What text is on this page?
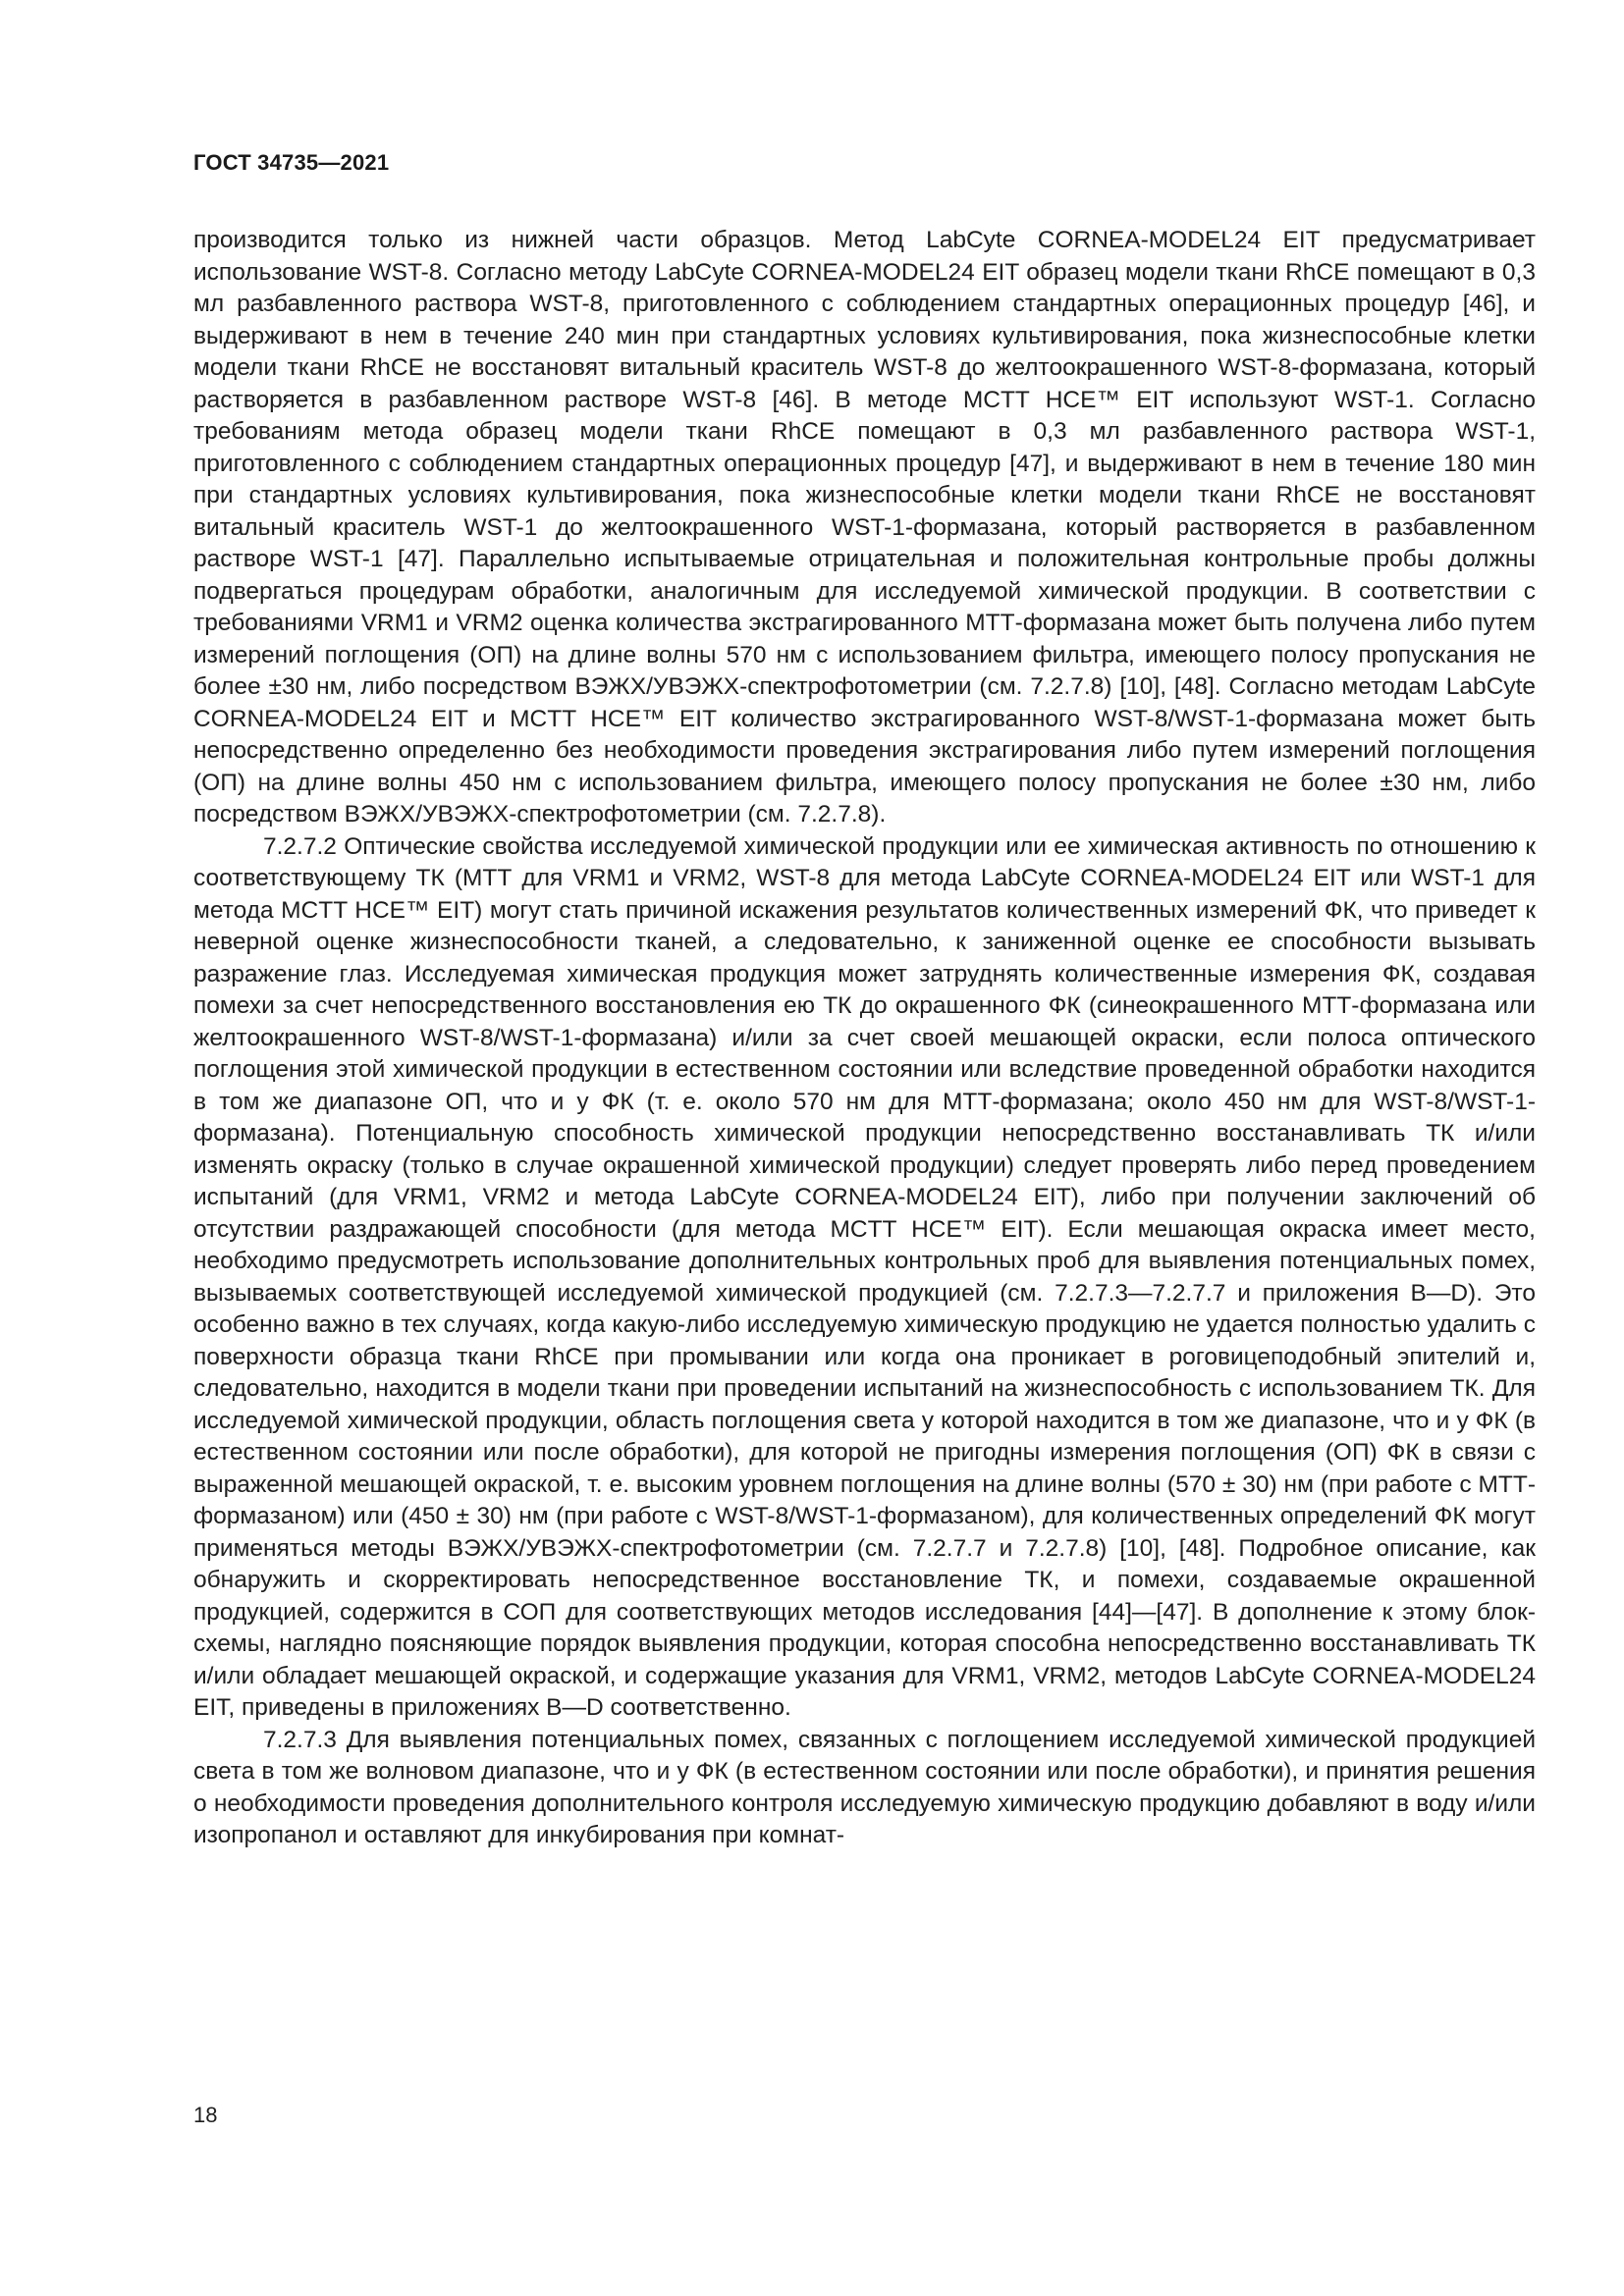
ГОСТ 34735—2021

производится только из нижней части образцов. Метод LabCyte CORNEA-MODEL24 EIT предусматривает использование WST-8. Согласно методу LabCyte CORNEA-MODEL24 EIT образец модели ткани RhCE помещают в 0,3 мл разбавленного раствора WST-8, приготовленного с соблюдением стандартных операционных процедур [46], и выдерживают в нем в течение 240 мин при стандартных условиях культивирования, пока жизнеспособные клетки модели ткани RhCE не восстановят витальный краситель WST-8 до желтоокрашенного WST-8-формазана, который растворяется в разбавленном растворе WST-8 [46]. В методе MCTT HCE™ EIT используют WST-1. Согласно требованиям метода образец модели ткани RhCE помещают в 0,3 мл разбавленного раствора WST-1, приготовленного с соблюдением стандартных операционных процедур [47], и выдерживают в нем в течение 180 мин при стандартных условиях культивирования, пока жизнеспособные клетки модели ткани RhCE не восстановят витальный краситель WST-1 до желтоокрашенного WST-1-формазана, который растворяется в разбавленном растворе WST-1 [47]. Параллельно испытываемые отрицательная и положительная контрольные пробы должны подвергаться процедурам обработки, аналогичным для исследуемой химической продукции. В соответствии с требованиями VRM1 и VRM2 оценка количества экстрагированного МТТ-формазана может быть получена либо путем измерений поглощения (ОП) на длине волны 570 нм с использованием фильтра, имеющего полосу пропускания не более ±30 нм, либо посредством ВЭЖХ/УВЭЖХ-спектрофотометрии (см. 7.2.7.8) [10], [48]. Согласно методам LabCyte CORNEA-MODEL24 EIT и MCTT HCE™ EIT количество экстрагированного WST-8/WST-1-формазана может быть непосредственно определенно без необходимости проведения экстрагирования либо путем измерений поглощения (ОП) на длине волны 450 нм с использованием фильтра, имеющего полосу пропускания не более ±30 нм, либо посредством ВЭЖХ/УВЭЖХ-спектрофотометрии (см. 7.2.7.8).

7.2.7.2 Оптические свойства исследуемой химической продукции или ее химическая активность по отношению к соответствующему ТК (МТТ для VRM1 и VRM2, WST-8 для метода LabCyte CORNEA-MODEL24 EIT или WST-1 для метода MCTT HCE™ EIT) могут стать причиной искажения результатов количественных измерений ФК, что приведет к неверной оценке жизнеспособности тканей, а следовательно, к заниженной оценке ее способности вызывать разражение глаз. Исследуемая химическая продукция может затруднять количественные измерения ФК, создавая помехи за счет непосредственного восстановления ею ТК до окрашенного ФК (синеокрашенного МТТ-формазана или желтоокрашенного WST-8/WST-1-формазана) и/или за счет своей мешающей окраски, если полоса оптического поглощения этой химической продукции в естественном состоянии или вследствие проведенной обработки находится в том же диапазоне ОП, что и у ФК (т. е. около 570 нм для МТТ-формазана; около 450 нм для WST-8/WST-1-формазана). Потенциальную способность химической продукции непосредственно восстанавливать ТК и/или изменять окраску (только в случае окрашенной химической продукции) следует проверять либо перед проведением испытаний (для VRM1, VRM2 и метода LabCyte CORNEA-MODEL24 EIT), либо при получении заключений об отсутствии раздражающей способности (для метода MCTT HCE™ EIT). Если мешающая окраска имеет место, необходимо предусмотреть использование дополнительных контрольных проб для выявления потенциальных помех, вызываемых соответствующей исследуемой химической продукцией (см. 7.2.7.3—7.2.7.7 и приложения В—D). Это особенно важно в тех случаях, когда какую-либо исследуемую химическую продукцию не удается полностью удалить с поверхности образца ткани RhCE при промывании или когда она проникает в роговицеподобный эпителий и, следовательно, находится в модели ткани при проведении испытаний на жизнеспособность с использованием ТК. Для исследуемой химической продукции, область поглощения света у которой находится в том же диапазоне, что и у ФК (в естественном состоянии или после обработки), для которой не пригодны измерения поглощения (ОП) ФК в связи с выраженной мешающей окраской, т. е. высоким уровнем поглощения на длине волны (570 ± 30) нм (при работе с МТТ-формазаном) или (450 ± 30) нм (при работе с WST-8/WST-1-формазаном), для количественных определений ФК могут применяться методы ВЭЖХ/УВЭЖХ-спектрофотометрии (см. 7.2.7.7 и 7.2.7.8) [10], [48]. Подробное описание, как обнаружить и скорректировать непосредственное восстановление ТК, и помехи, создаваемые окрашенной продукцией, содержится в СОП для соответствующих методов исследования [44]—[47]. В дополнение к этому блок-схемы, наглядно поясняющие порядок выявления продукции, которая способна непосредственно восстанавливать ТК и/или обладает мешающей окраской, и содержащие указания для VRM1, VRM2, методов LabCyte CORNEA-MODEL24 EIT, приведены в приложениях В—D соответственно.

7.2.7.3 Для выявления потенциальных помех, связанных с поглощением исследуемой химической продукцией света в том же волновом диапазоне, что и у ФК (в естественном состоянии или после обработки), и принятия решения о необходимости проведения дополнительного контроля исследуемую химическую продукцию добавляют в воду и/или изопропанол и оставляют для инкубирования при комнат-

18
